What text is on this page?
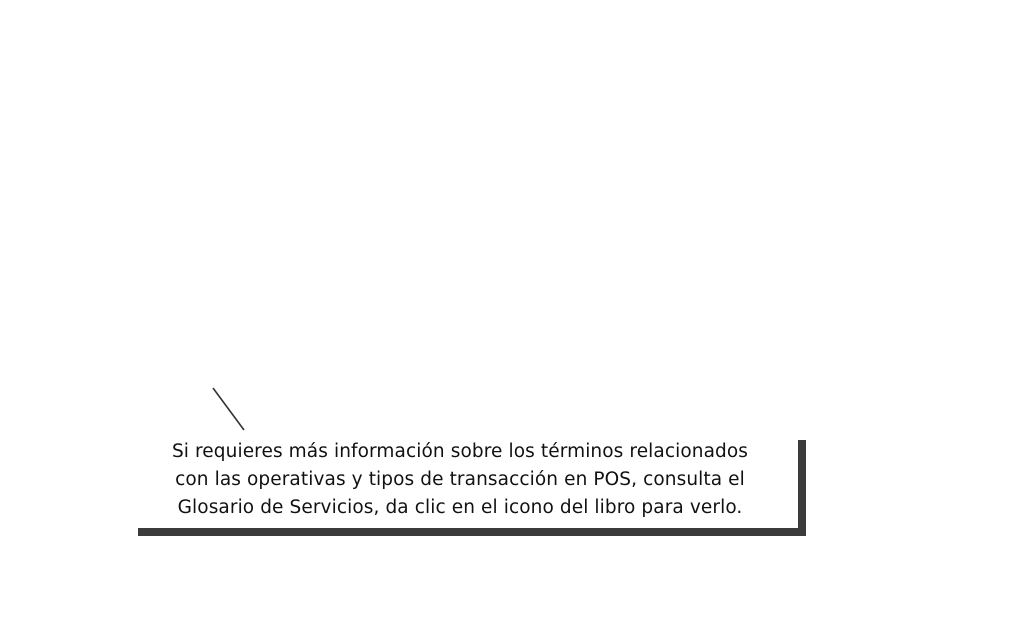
Si requieres más información sobre los términos relacionados
con las operativas y tipos de transacción en POS, consulta el
Glosario de Servicios, da clic en el icono del libro para verlo.
